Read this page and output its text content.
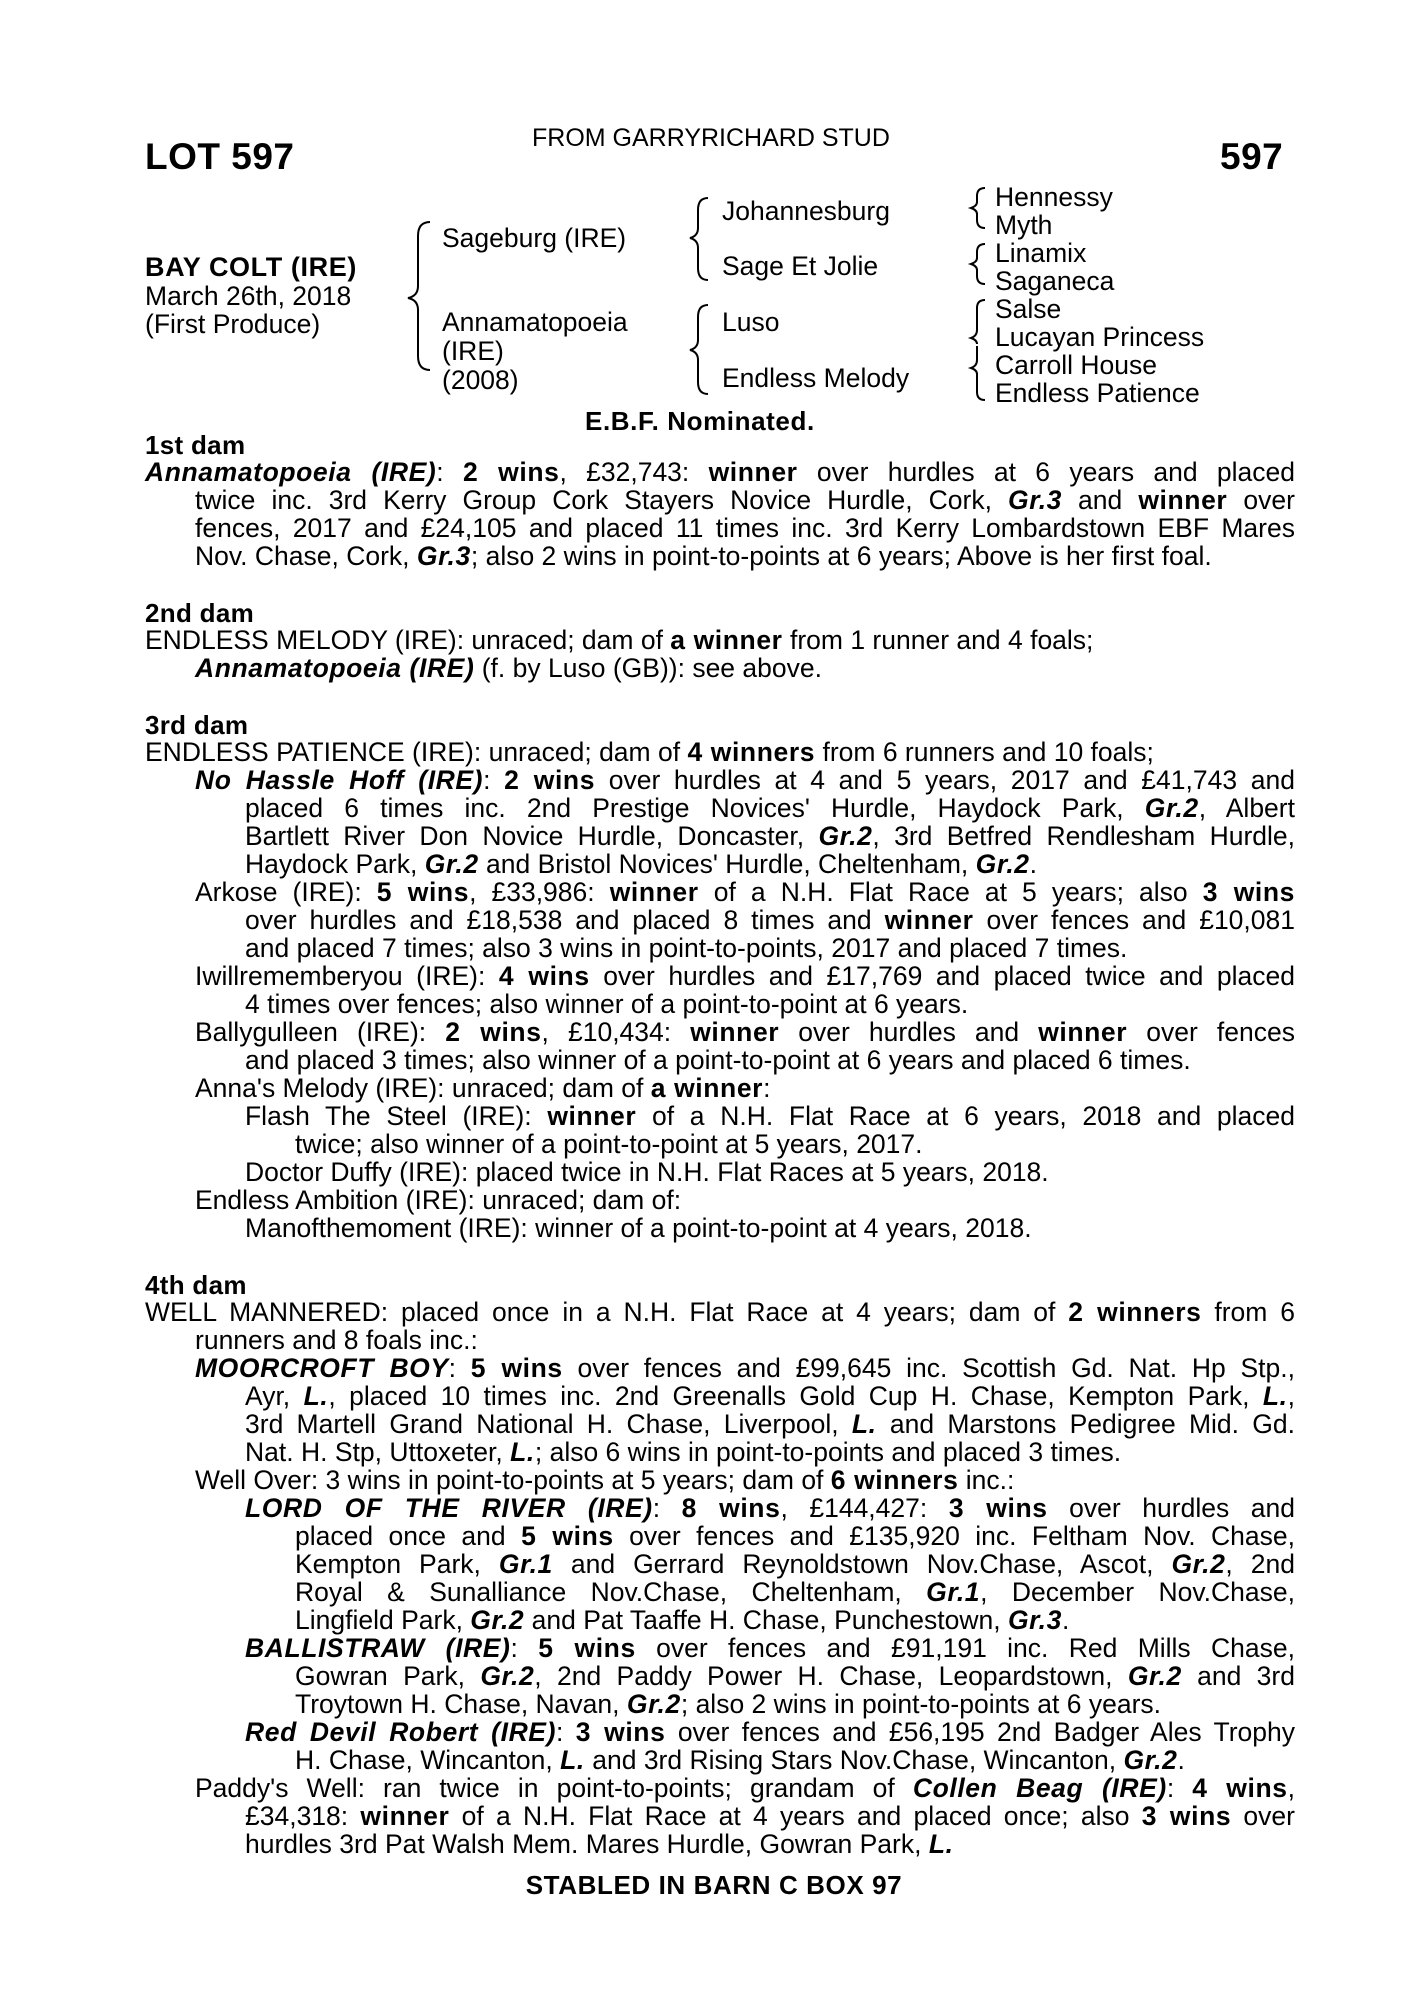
LOT 597	FROM GARRYRICHARD STUD	597
BAY COLT (IRE)
March 26th, 2018
(First Produce)
Sageburg (IRE)
Annamatopoeia
(IRE)
(2008)
Johannesburg
Sage Et Jolie
Luso
Endless Melody
Hennessy
Myth
Linamix
Saganeca
Salse
Lucayan Princess
Carroll House
Endless Patience
E.B.F. Nominated.
1st dam
Annamatopoeia (IRE): 2 wins, £32,743: winner over hurdles at 6 years and placed
twice inc. 3rd Kerry Group Cork Stayers Novice Hurdle, Cork, Gr.3 and winner over
fences, 2017 and £24,105 and placed 11 times inc. 3rd Kerry Lombardstown EBF Mares
Nov. Chase, Cork, Gr.3; also 2 wins in point-to-points at 6 years; Above is her first foal.
2nd dam
ENDLESS MELODY (IRE): unraced; dam of a winner from 1 runner and 4 foals;
Annamatopoeia (IRE) (f. by Luso (GB)): see above.
3rd dam
ENDLESS PATIENCE (IRE): unraced; dam of 4 winners from 6 runners and 10 foals;
No Hassle Hoff (IRE): 2 wins over hurdles at 4 and 5 years, 2017 and £41,743 and
placed 6 times inc. 2nd Prestige Novices' Hurdle, Haydock Park, Gr.2, Albert
Bartlett River Don Novice Hurdle, Doncaster, Gr.2, 3rd Betfred Rendlesham Hurdle,
Haydock Park, Gr.2 and Bristol Novices' Hurdle, Cheltenham, Gr.2.
Arkose (IRE): 5 wins, £33,986: winner of a N.H. Flat Race at 5 years; also 3 wins
over hurdles and £18,538 and placed 8 times and winner over fences and £10,081
and placed 7 times; also 3 wins in point-to-points, 2017 and placed 7 times.
Iwillrememberyou (IRE): 4 wins over hurdles and £17,769 and placed twice and placed
4 times over fences; also winner of a point-to-point at 6 years.
Ballygulleen (IRE): 2 wins, £10,434: winner over hurdles and winner over fences
and placed 3 times; also winner of a point-to-point at 6 years and placed 6 times.
Anna's Melody (IRE): unraced; dam of a winner:
Flash The Steel (IRE): winner of a N.H. Flat Race at 6 years, 2018 and placed
twice; also winner of a point-to-point at 5 years, 2017.
Doctor Duffy (IRE): placed twice in N.H. Flat Races at 5 years, 2018.
Endless Ambition (IRE): unraced; dam of:
Manofthemoment (IRE): winner of a point-to-point at 4 years, 2018.
4th dam
WELL MANNERED: placed once in a N.H. Flat Race at 4 years; dam of 2 winners from 6
runners and 8 foals inc.:
MOORCROFT BOY: 5 wins over fences and £99,645 inc. Scottish Gd. Nat. Hp Stp.,
Ayr, L., placed 10 times inc. 2nd Greenalls Gold Cup H. Chase, Kempton Park, L.,
3rd Martell Grand National H. Chase, Liverpool, L. and Marstons Pedigree Mid. Gd.
Nat. H. Stp, Uttoxeter, L.; also 6 wins in point-to-points and placed 3 times.
Well Over: 3 wins in point-to-points at 5 years; dam of 6 winners inc.:
LORD OF THE RIVER (IRE): 8 wins, £144,427: 3 wins over hurdles and
placed once and 5 wins over fences and £135,920 inc. Feltham Nov. Chase,
Kempton Park, Gr.1 and Gerrard Reynoldstown Nov.Chase, Ascot, Gr.2, 2nd
Royal & Sunalliance Nov.Chase, Cheltenham, Gr.1, December Nov.Chase,
Lingfield Park, Gr.2 and Pat Taaffe H. Chase, Punchestown, Gr.3.
BALLISTRAW (IRE): 5 wins over fences and £91,191 inc. Red Mills Chase,
Gowran Park, Gr.2, 2nd Paddy Power H. Chase, Leopardstown, Gr.2 and 3rd
Troytown H. Chase, Navan, Gr.2; also 2 wins in point-to-points at 6 years.
Red Devil Robert (IRE): 3 wins over fences and £56,195 2nd Badger Ales Trophy
H. Chase, Wincanton, L. and 3rd Rising Stars Nov.Chase, Wincanton, Gr.2.
Paddy's Well: ran twice in point-to-points; grandam of Collen Beag (IRE): 4 wins,
£34,318: winner of a N.H. Flat Race at 4 years and placed once; also 3 wins over
hurdles 3rd Pat Walsh Mem. Mares Hurdle, Gowran Park, L.
STABLED IN BARN C BOX 97
